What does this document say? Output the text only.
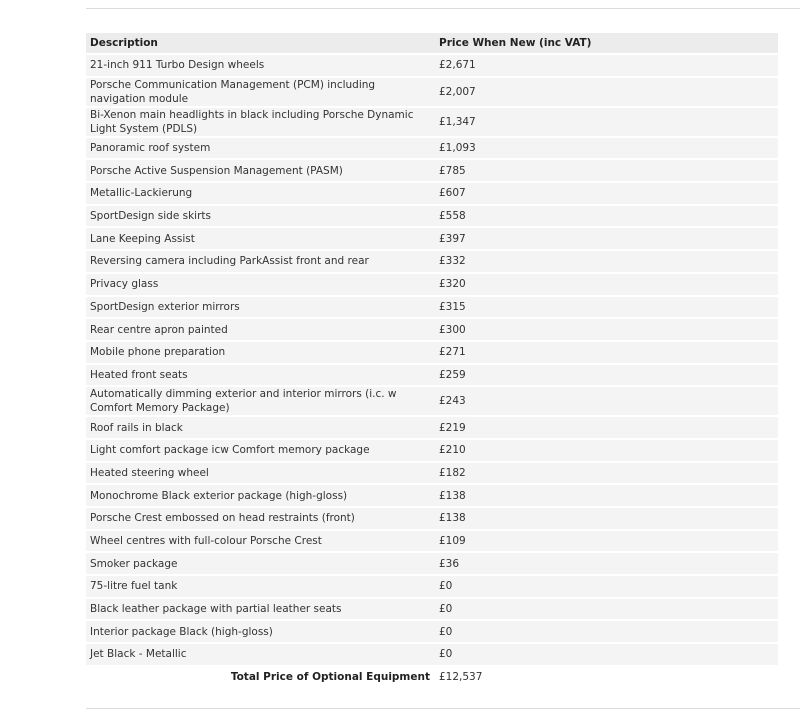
Description	Price When New (inc VAT)
21-inch 911 Turbo Design wheels	£2,671
Porsche Communication Management (PCM) including navigation module	£2,007
Bi-Xenon main headlights in black including Porsche Dynamic Light System (PDLS)	£1,347
Panoramic roof system	£1,093
Porsche Active Suspension Management (PASM)	£785
Metallic-Lackierung	£607
SportDesign side skirts	£558
Lane Keeping Assist	£397
Reversing camera including ParkAssist front and rear	£332
Privacy glass	£320
SportDesign exterior mirrors	£315
Rear centre apron painted	£300
Mobile phone preparation	£271
Heated front seats	£259
Automatically dimming exterior and interior mirrors (i.c. w Comfort Memory Package)	£243
Roof rails in black	£219
Light comfort package icw Comfort memory package	£210
Heated steering wheel	£182
Monochrome Black exterior package (high-gloss)	£138
Porsche Crest embossed on head restraints (front)	£138
Wheel centres with full-colour Porsche Crest	£109
Smoker package	£36
75-litre fuel tank	£0
Black leather package with partial leather seats	£0
Interior package Black (high-gloss)	£0
Jet Black - Metallic	£0
Total Price of Optional Equipment	£12,537
